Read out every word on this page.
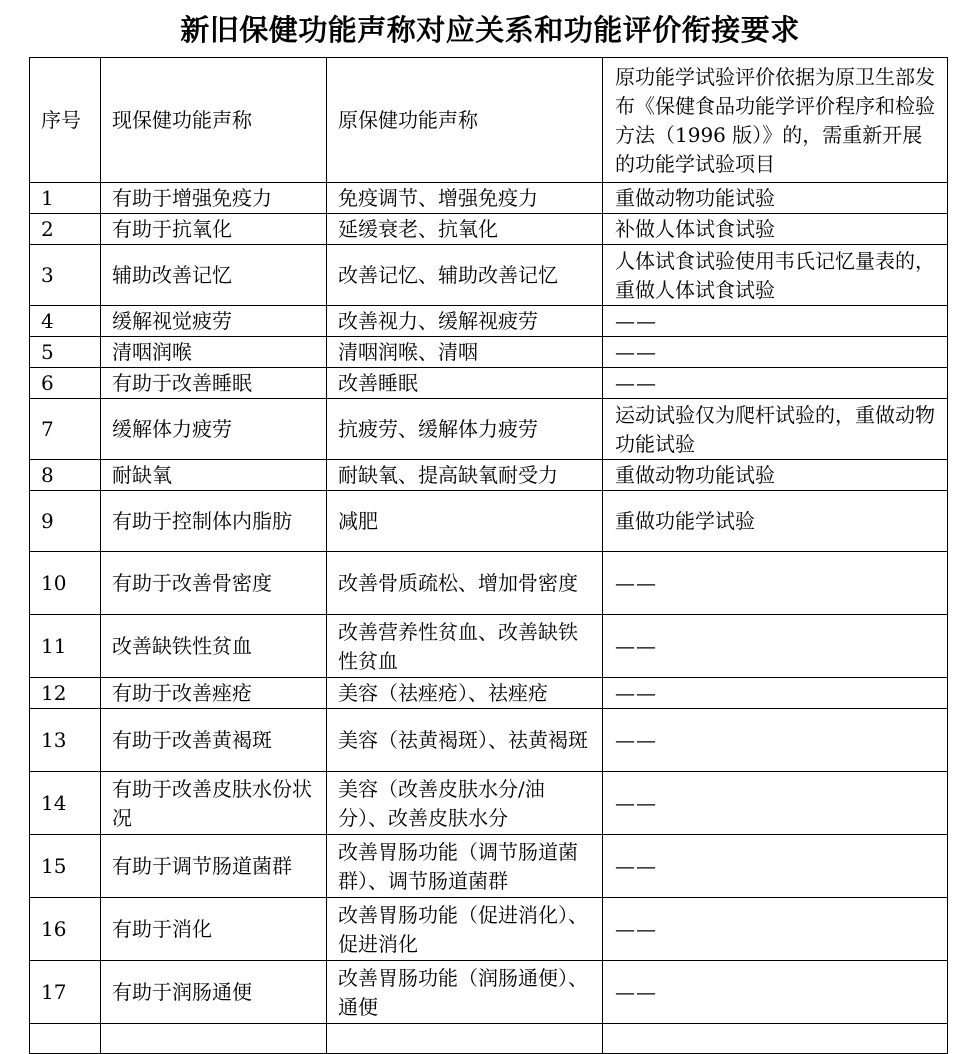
新旧保健功能声称对应关系和功能评价衔接要求
序号	现保健功能声称	原保健功能声称	原功能学试验评价依据为原卫生部发布《保健食品功能学评价程序和检验方法（1996 版）》的，需重新开展的功能学试验项目
1	有助于增强免疫力	免疫调节、增强免疫力	重做动物功能试验
2	有助于抗氧化	延缓衰老、抗氧化	补做人体试食试验
3	辅助改善记忆	改善记忆、辅助改善记忆	人体试食试验使用韦氏记忆量表的，重做人体试食试验
4	缓解视觉疲劳	改善视力、缓解视疲劳	——
5	清咽润喉	清咽润喉、清咽	——
6	有助于改善睡眠	改善睡眠	——
7	缓解体力疲劳	抗疲劳、缓解体力疲劳	运动试验仅为爬杆试验的，重做动物功能试验
8	耐缺氧	耐缺氧、提高缺氧耐受力	重做动物功能试验
9	有助于控制体内脂肪	减肥	重做功能学试验
10	有助于改善骨密度	改善骨质疏松、增加骨密度	——
11	改善缺铁性贫血	改善营养性贫血、改善缺铁性贫血	——
12	有助于改善痤疮	美容（祛痤疮）、祛痤疮	——
13	有助于改善黄褐斑	美容（祛黄褐斑）、祛黄褐斑	——
14	有助于改善皮肤水份状况	美容（改善皮肤水分/油分）、改善皮肤水分	——
15	有助于调节肠道菌群	改善胃肠功能（调节肠道菌群）、调节肠道菌群	——
16	有助于消化	改善胃肠功能（促进消化）、促进消化	——
17	有助于润肠通便	改善胃肠功能（润肠通便）、通便	——
